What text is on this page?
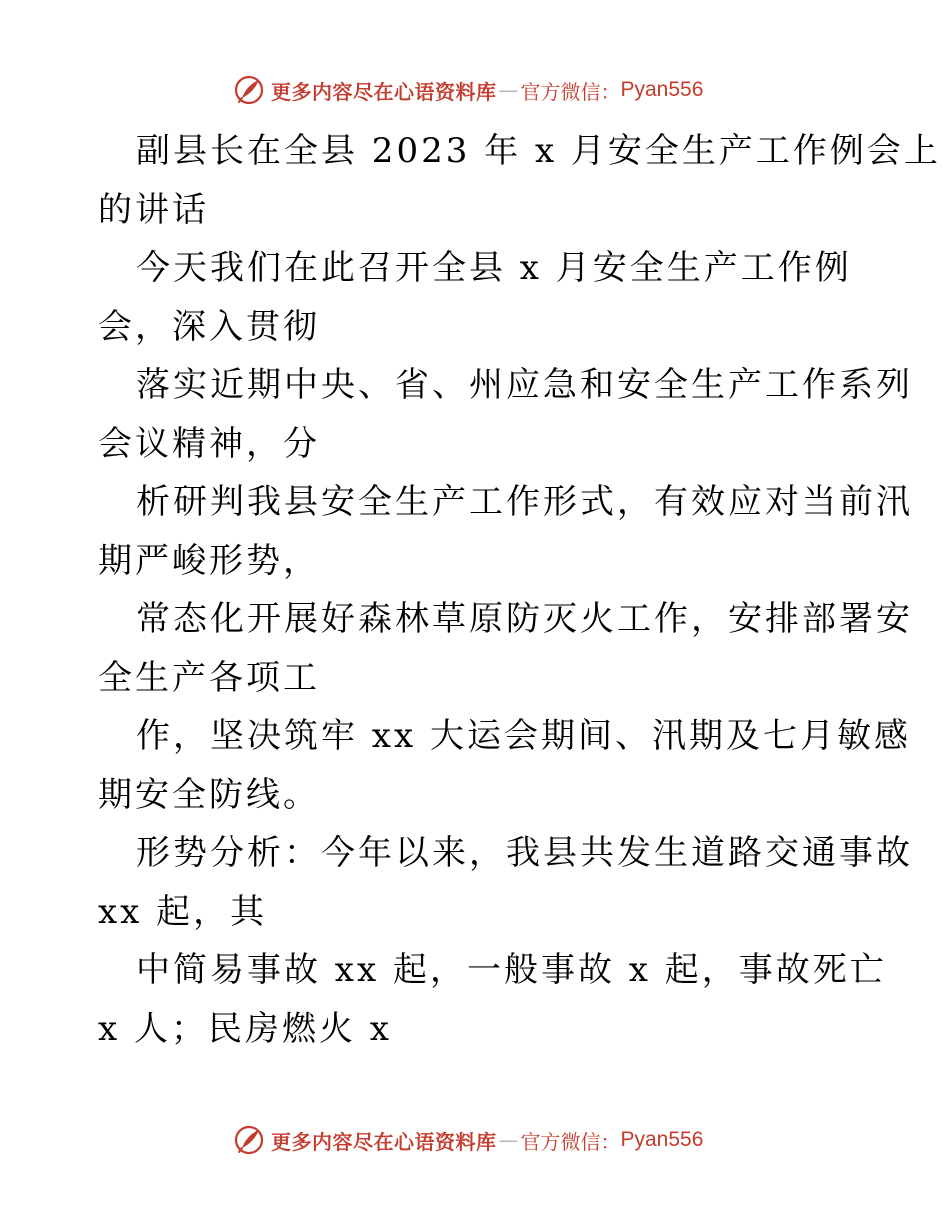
更多内容尽在心语资料库 — 官方微信： Pyan556
副县长在全县 2023 年 x 月安全生产工作例会上
的讲话
今天我们在此召开全县 x 月安全生产工作例
会，深入贯彻
落实近期中央、省、州应急和安全生产工作系列
会议精神，分
析研判我县安全生产工作形式，有效应对当前汛
期严峻形势，
常态化开展好森林草原防灭火工作，安排部署安
全生产各项工
作，坚决筑牢 xx 大运会期间、汛期及七月敏感
期安全防线。
形势分析：今年以来，我县共发生道路交通事故
xx 起，其
中简易事故 xx 起，一般事故 x 起，事故死亡
x 人；民房燃火 x
更多内容尽在心语资料库 — 官方微信： Pyan556
